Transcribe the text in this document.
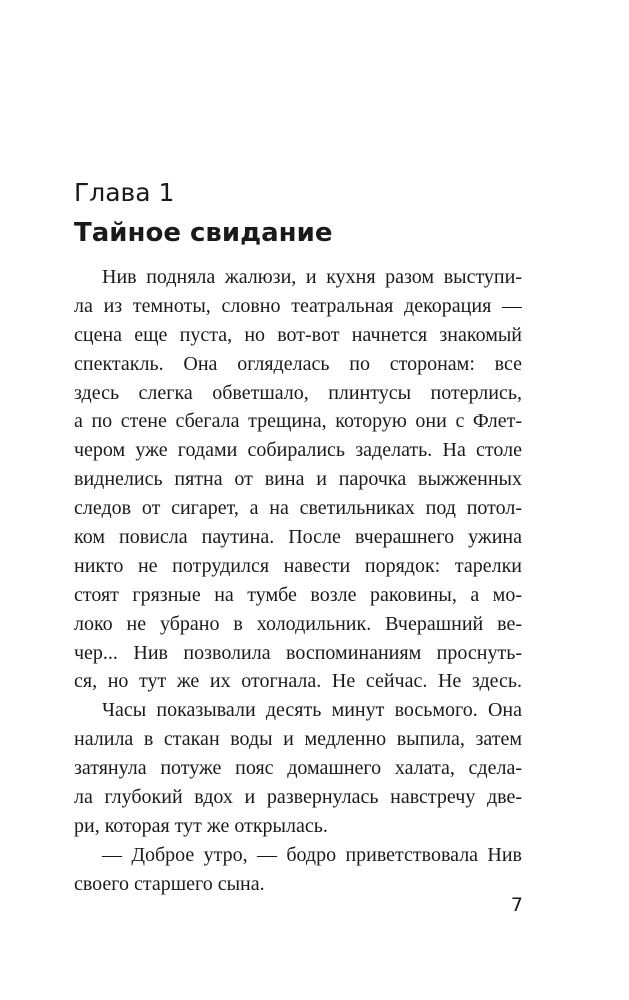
Глава 1
Тайное свидание
Нив подняла жалюзи, и кухня разом выступи-
ла из темноты, словно театральная декорация —
сцена еще пуста, но вот-вот начнется знакомый
спектакль. Она огляделась по сторонам: все
здесь слегка обветшало, плинтусы потерлись,
а по стене сбегала трещина, которую они с Флет-
чером уже годами собирались заделать. На столе
виднелись пятна от вина и парочка выжженных
следов от сигарет, а на светильниках под потол-
ком повисла паутина. После вчерашнего ужина
никто не потрудился навести порядок: тарелки
стоят грязные на тумбе возле раковины, а мо-
локо не убрано в холодильник. Вчерашний ве-
чер... Нив позволила воспоминаниям проснуть-
ся, но тут же их отогнала. Не сейчас. Не здесь.
Часы показывали десять минут восьмого. Она
налила в стакан воды и медленно выпила, затем
затянула потуже пояс домашнего халата, сдела-
ла глубокий вдох и развернулась навстречу две-
ри, которая тут же открылась.
— Доброе утро, — бодро приветствовала Нив
своего старшего сына.
7
